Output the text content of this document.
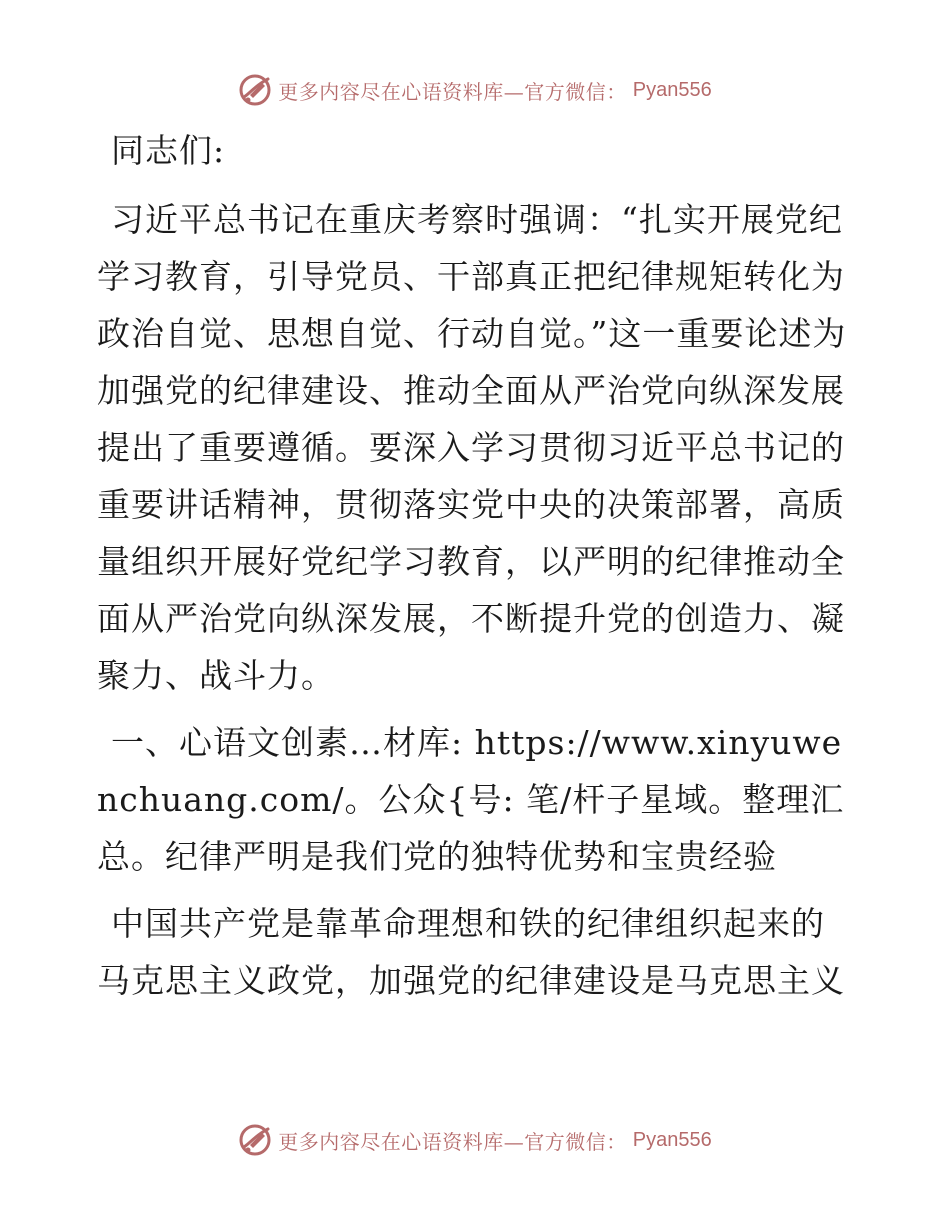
更多内容尽在心语资料库—官方微信： Pyan556
同志们:
习近平总书记在重庆考察时强调：“扎实开展党纪学习教育，引导党员、干部真正把纪律规矩转化为政治自觉、思想自觉、行动自觉。”这一重要论述为加强党的纪律建设、推动全面从严治党向纵深发展提出了重要遵循。要深入学习贯彻习近平总书记的重要讲话精神，贯彻落实党中央的决策部署，高质量组织开展好党纪学习教育，以严明的纪律推动全面从严治党向纵深发展，不断提升党的创造力、凝聚力、战斗力。
一、心语文创素…材库: https://www.xinyuwenchuang.com/。公众{号: 笔/杆子星域。整理汇总。纪律严明是我们党的独特优势和宝贵经验
中国共产党是靠革命理想和铁的纪律组织起来的马克思主义政党，加强党的纪律建设是马克思主义
更多内容尽在心语资料库—官方微信： Pyan556
